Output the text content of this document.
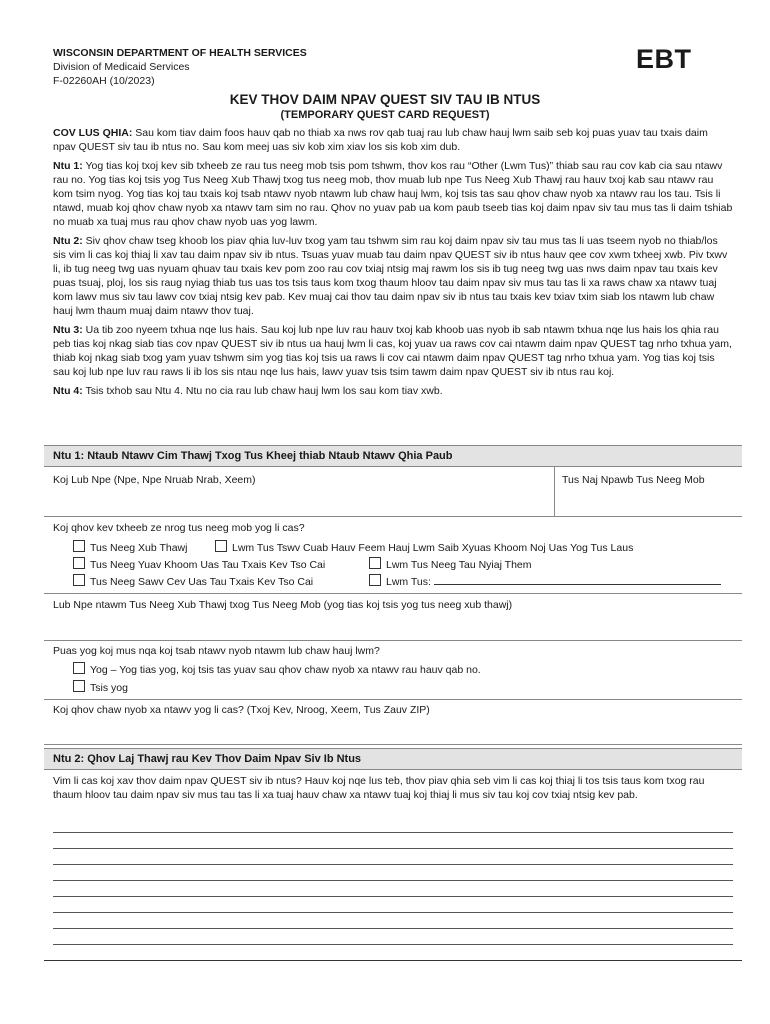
WISCONSIN DEPARTMENT OF HEALTH SERVICES
Division of Medicaid Services
F-02260AH (10/2023)
EBT
KEV THOV DAIM NPAV QUEST SIV TAU IB NTUS
(TEMPORARY QUEST CARD REQUEST)

COV LUS QHIA: Sau kom tiav daim foos hauv qab no thiab xa nws rov qab tuaj rau lub chaw hauj lwm saib seb koj puas yuav tau txais daim npav QUEST siv tau ib ntus no. Sau kom meej uas siv kob xim xiav los sis kob xim dub.

Ntu 1: Yog tias koj txoj kev sib txheeb ze rau tus neeg mob tsis pom tshwm, thov kos rau “Other (Lwm Tus)” thiab sau rau cov kab cia sau ntawv rau no. Yog tias koj tsis yog Tus Neeg Xub Thawj txog tus neeg mob, thov muab lub npe Tus Neeg Xub Thawj rau hauv txoj kab sau ntawv rau kom tsim nyog. Yog tias koj tau txais koj tsab ntawv nyob ntawm lub chaw hauj lwm, koj tsis tas sau qhov chaw nyob xa ntawv rau los tau. Tsis li ntawd, muab koj qhov chaw nyob xa ntawv tam sim no rau. Qhov no yuav pab ua kom paub tseeb tias koj daim npav siv tau mus tas li daim tshiab no muab xa tuaj mus rau qhov chaw nyob uas yog lawm.

Ntu 2: Siv qhov chaw tseg khoob los piav qhia luv-luv txog yam tau tshwm sim rau koj daim npav siv tau mus tas li uas tseem nyob no thiab/los sis vim li cas koj thiaj li xav tau daim npav siv ib ntus. Tsuas yuav muab tau daim npav QUEST siv ib ntus hauv qee cov xwm txheej xwb. Piv txwv li, ib tug neeg twg uas nyuam qhuav tau txais kev pom zoo rau cov txiaj ntsig maj rawm los sis ib tug neeg twg uas nws daim npav tau txais kev puas tsuaj, ploj, los sis raug nyiag thiab tus uas tos tsis taus kom txog thaum hloov tau daim npav siv mus tau tas li xa raws chaw xa ntawv tuaj kom lawv mus siv tau lawv cov txiaj ntsig kev pab. Kev muaj cai thov tau daim npav siv ib ntus tau txais kev txiav txim siab los ntawm lub chaw hauj lwm thaum muaj daim ntawv thov tuaj.

Ntu 3: Ua tib zoo nyeem txhua nqe lus hais. Sau koj lub npe luv rau hauv txoj kab khoob uas nyob ib sab ntawm txhua nqe lus hais los qhia rau peb tias koj nkag siab tias cov npav QUEST siv ib ntus ua hauj lwm li cas, koj yuav ua raws cov cai ntawm daim npav QUEST tag nrho txhua yam, thiab koj nkag siab txog yam yuav tshwm sim yog tias koj tsis ua raws li cov cai ntawm daim npav QUEST tag nrho txhua yam. Yog tias koj tsis sau koj lub npe luv rau raws li ib los sis ntau nqe lus hais, lawv yuav tsis tsim tawm daim npav QUEST siv ib ntus rau koj.

Ntu 4: Tsis txhob sau Ntu 4. Ntu no cia rau lub chaw hauj lwm los sau kom tiav xwb.

Ntu 1: Ntaub Ntawv Cim Thawj Txog Tus Kheej thiab Ntaub Ntawv Qhia Paub
Koj Lub Npe (Npe, Npe Nruab Nrab, Xeem)	Tus Naj Npawb Tus Neeg Mob
Koj qhov kev txheeb ze nrog tus neeg mob yog li cas?
Tus Neeg Xub Thawj	Lwm Tus Tswv Cuab Hauv Feem Hauj Lwm Saib Xyuas Khoom Noj Uas Yog Tus Laus
Tus Neeg Yuav Khoom Uas Tau Txais Kev Tso Cai	Lwm Tus Neeg Tau Nyiaj Them
Tus Neeg Sawv Cev Uas Tau Txais Kev Tso Cai	Lwm Tus:
Lub Npe ntawm Tus Neeg Xub Thawj txog Tus Neeg Mob (yog tias koj tsis yog tus neeg xub thawj)
Puas yog koj mus nqa koj tsab ntawv nyob ntawm lub chaw hauj lwm?
Yog – Yog tias yog, koj tsis tas yuav sau qhov chaw nyob xa ntawv rau hauv qab no.
Tsis yog
Koj qhov chaw nyob xa ntawv yog li cas? (Txoj Kev, Nroog, Xeem, Tus Zauv ZIP)
Ntu 2: Qhov Laj Thawj rau Kev Thov Daim Npav Siv Ib Ntus

Vim li cas koj xav thov daim npav QUEST siv ib ntus? Hauv koj nqe lus teb, thov piav qhia seb vim li cas koj thiaj li tos tsis taus kom txog rau thaum hloov tau daim npav siv mus tau tas li xa tuaj hauv chaw xa ntawv tuaj koj thiaj li mus siv tau koj cov txiaj ntsig kev pab.
